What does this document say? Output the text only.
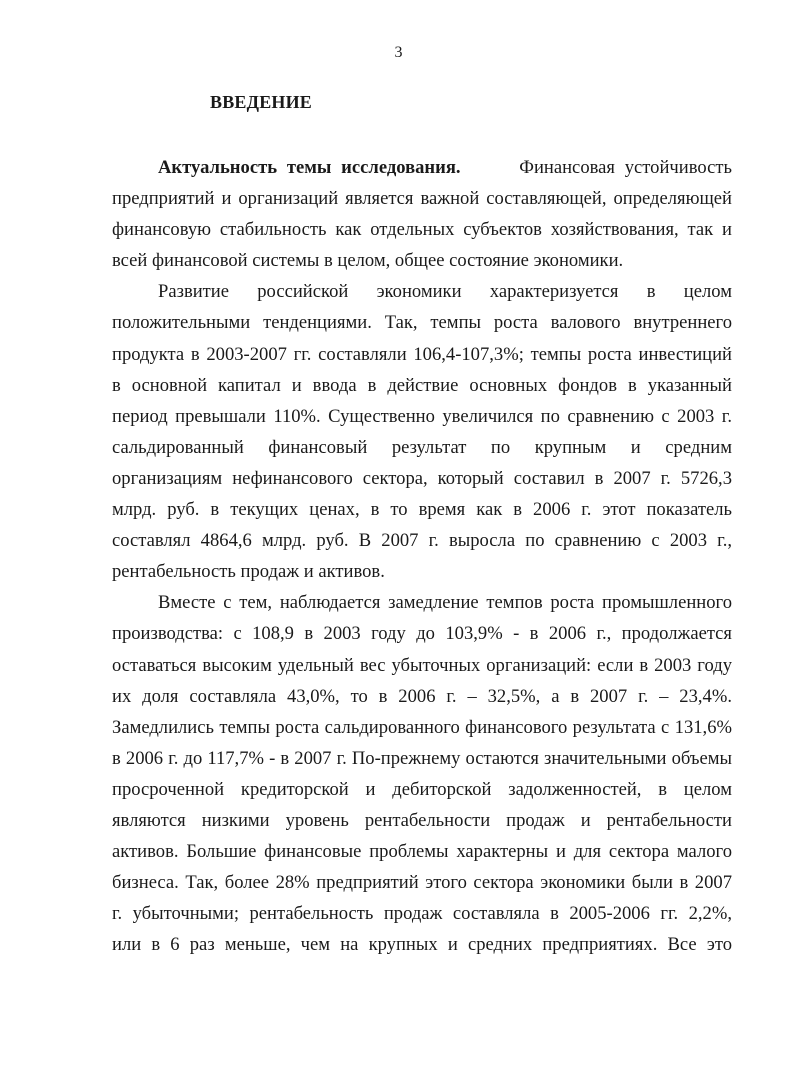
3
ВВЕДЕНИЕ
Актуальность темы исследования.	Финансовая устойчивость
предприятий и организаций является важной составляющей, определяющей
финансовую стабильность как отдельных субъектов хозяйствования, так и
всей финансовой системы в целом, общее состояние экономики.
Развитие российской экономики характеризуется в целом
положительными тенденциями. Так, темпы роста валового внутреннего
продукта в 2003-2007 гг. составляли 106,4-107,3%; темпы роста инвестиций
в основной капитал и ввода в действие основных фондов в указанный
период превышали 110%. Существенно увеличился по сравнению с 2003 г.
сальдированный финансовый результат по крупным и средним
организациям нефинансового сектора, который составил в 2007 г. 5726,3
млрд. руб. в текущих ценах, в то время как в 2006 г. этот показатель
составлял 4864,6 млрд. руб. В 2007 г. выросла по сравнению с 2003 г.,
рентабельность продаж и активов.
Вместе с тем, наблюдается замедление темпов роста промышленного
производства: с 108,9 в 2003 году до 103,9% - в 2006 г., продолжается
оставаться высоким удельный вес убыточных организаций: если в 2003 году
их доля составляла 43,0%, то в 2006 г. – 32,5%, а в 2007 г. – 23,4%.
Замедлились темпы роста сальдированного финансового результата с 131,6%
в 2006 г. до 117,7% - в 2007 г. По-прежнему остаются значительными объемы
просроченной кредиторской и дебиторской задолженностей, в целом
являются низкими уровень рентабельности продаж и рентабельности
активов. Большие финансовые проблемы характерны и для сектора малого
бизнеса. Так, более 28% предприятий этого сектора экономики были в 2007
г. убыточными; рентабельность продаж составляла в 2005-2006 гг. 2,2%,
или в 6 раз меньше, чем на крупных и средних предприятиях. Все это
